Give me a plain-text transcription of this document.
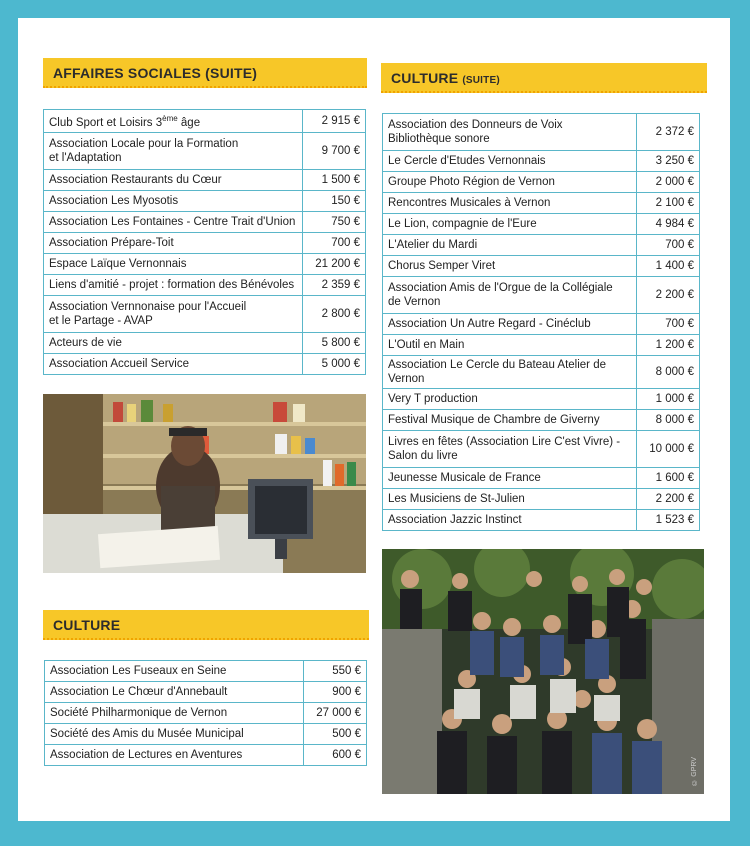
AFFAIRES SOCIALES (SUITE)
Club Sport et Loisirs 3ème âge	2 915 €
Association Locale pour la Formation
et l'Adaptation	9 700 €
Association Restaurants du Cœur	1 500 €
Association Les Myosotis	150 €
Association Les Fontaines - Centre Trait d'Union	750 €
Association Prépare-Toit	700 €
Espace Laïque Vernonnais	21 200 €
Liens d'amitié - projet : formation des Bénévoles	2 359 €
Association Vernnonaise pour l'Accueil
et le Partage - AVAP	2 800 €
Acteurs de vie	5 800 €
Association Accueil Service	5 000 €
CULTURE
Association Les Fuseaux en Seine	550 €
Association Le Chœur d'Annebault	900 €
Société Philharmonique de Vernon	27 000 €
Société des Amis du Musée Municipal	500 €
Association de Lectures en Aventures	600 €
CULTURE (SUITE)
Association des Donneurs de Voix
Bibliothèque sonore	2 372 €
Le Cercle d'Etudes Vernonnais	3 250 €
Groupe Photo Région de Vernon	2 000 €
Rencontres Musicales à Vernon	2 100 €
Le Lion, compagnie de l'Eure	4 984 €
L'Atelier du Mardi	700 €
Chorus Semper Viret	1 400 €
Association Amis de l'Orgue de la Collégiale
de Vernon	2 200 €
Association Un Autre Regard - Cinéclub	700 €
L'Outil en Main	1 200 €
Association Le Cercle du Bateau Atelier de Vernon	8 000 €
Very T production	1 000 €
Festival Musique de Chambre de Giverny	8 000 €
Livres en fêtes (Association Lire C'est Vivre) -
Salon du livre	10 000 €
Jeunesse Musicale de France	1 600 €
Les Musiciens de St-Julien	2 200 €
Association Jazzic Instinct	1 523 €
© GPRV
